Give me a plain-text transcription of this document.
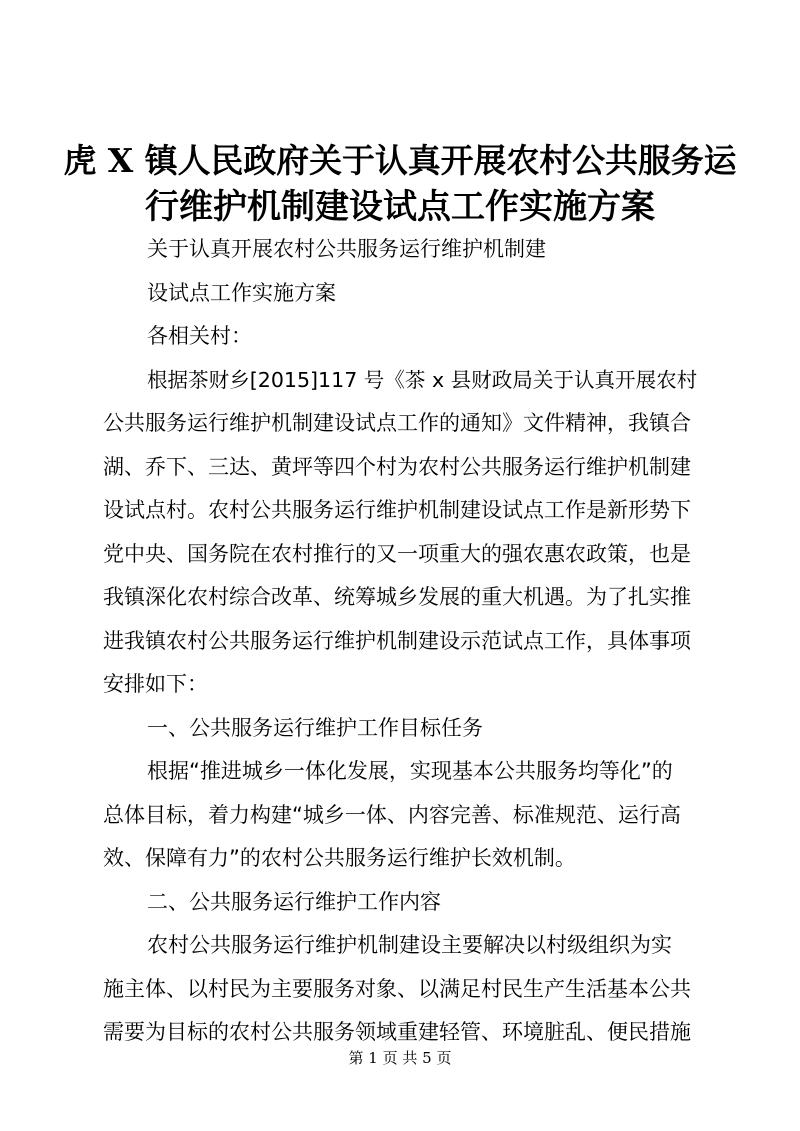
虎 X 镇人民政府关于认真开展农村公共服务运
行维护机制建设试点工作实施方案
关于认真开展农村公共服务运行维护机制建
设试点工作实施方案
各相关村：
根据茶财乡[2015]117 号《茶 x 县财政局关于认真开展农村
公共服务运行维护机制建设试点工作的通知》文件精神，我镇合
湖、乔下、三达、黄坪等四个村为农村公共服务运行维护机制建
设试点村。农村公共服务运行维护机制建设试点工作是新形势下
党中央、国务院在农村推行的又一项重大的强农惠农政策，也是
我镇深化农村综合改革、统筹城乡发展的重大机遇。为了扎实推
进我镇农村公共服务运行维护机制建设示范试点工作，具体事项
安排如下：
一、公共服务运行维护工作目标任务
根据“推进城乡一体化发展，实现基本公共服务均等化”的
总体目标，着力构建“城乡一体、内容完善、标准规范、运行高
效、保障有力”的农村公共服务运行维护长效机制。
二、公共服务运行维护工作内容
农村公共服务运行维护机制建设主要解决以村级组织为实
施主体、以村民为主要服务对象、以满足村民生产生活基本公共
需要为目标的农村公共服务领域重建轻管、环境脏乱、便民措施
第 1 页 共 5 页
